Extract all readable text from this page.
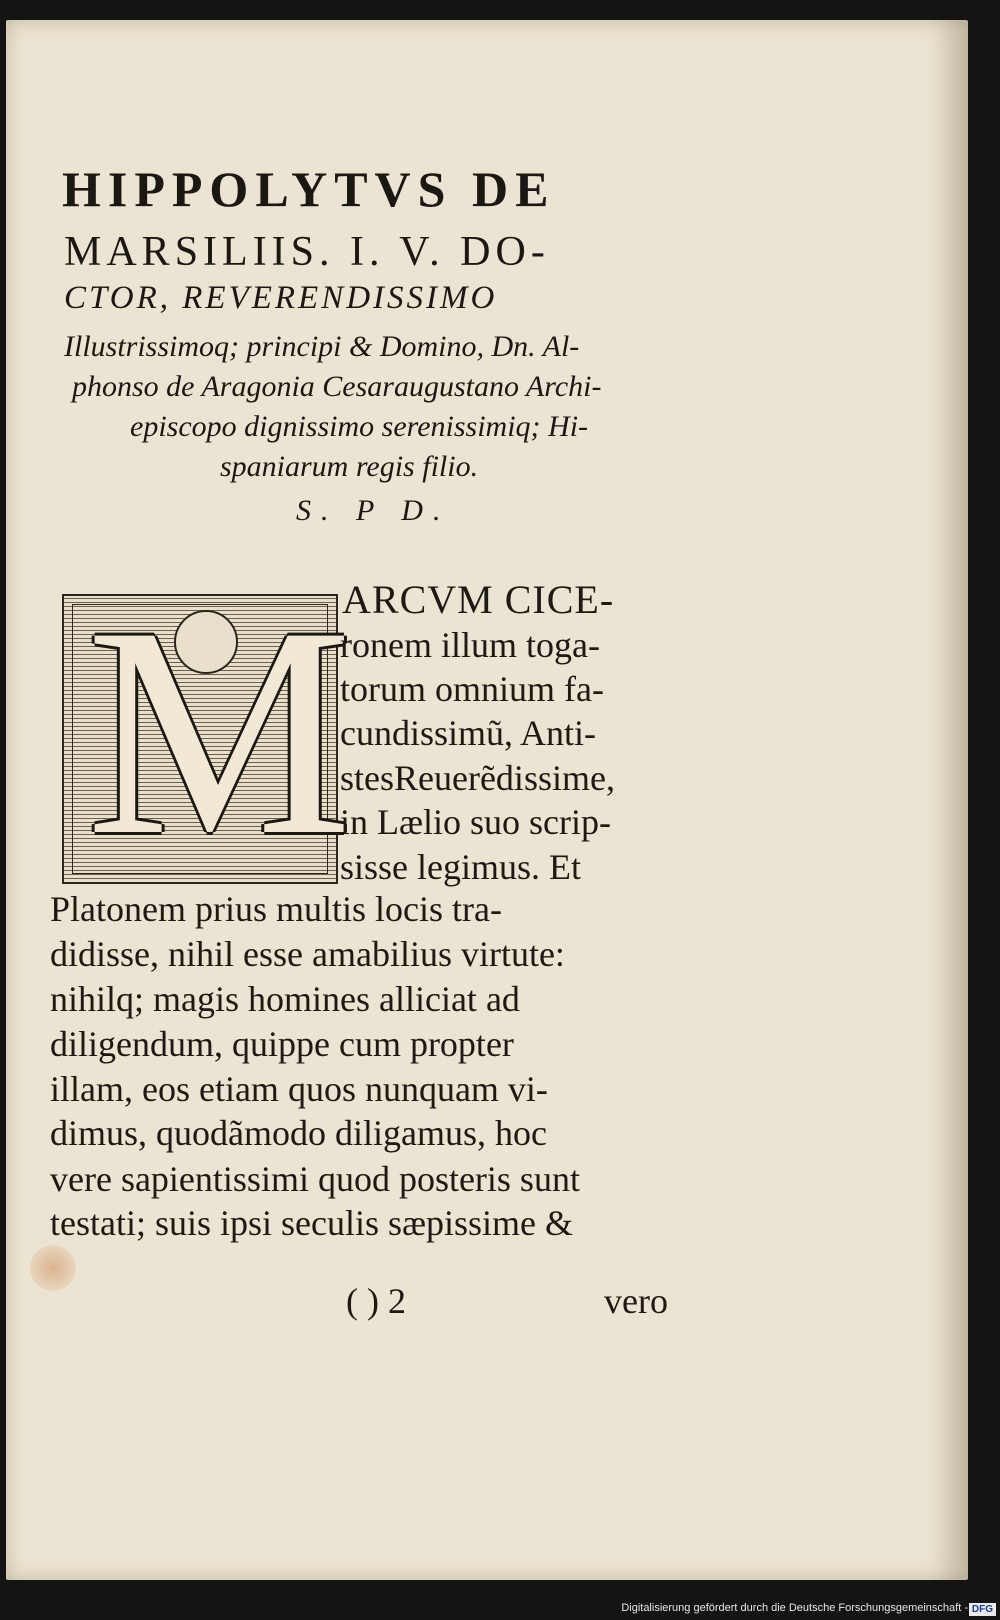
HIPPOLYTVS DE
MARSILIIS. I. V. DO-
CTOR, REVERENDISSIMO
Illustrissimoq; principi & Domino, Dn. Al-
phonso de Aragonia Cesaraugustano Archi-
episcopo dignissimo serenissimiq; Hi-
spaniarum regis filio.
S. P D.
M
ARCVM CICE-
ronem illum toga-
torum omnium fa-
cundissimũ, Anti-
stesReuerẽdissime,
in Lælio suo scrip-
sisse legimus. Et
Platonem prius multis locis tra-
didisse, nihil esse amabilius virtute:
nihilq; magis homines alliciat ad
diligendum, quippe cum propter
illam, eos etiam quos nunquam vi-
dimus, quodãmodo diligamus, hoc
vere sapientissimi quod posteris sunt
testati; suis ipsi seculis sæpissime &
( ) 2	vero
Digitalisierung gefördert durch die Deutsche Forschungsgemeinschaft - DFG
